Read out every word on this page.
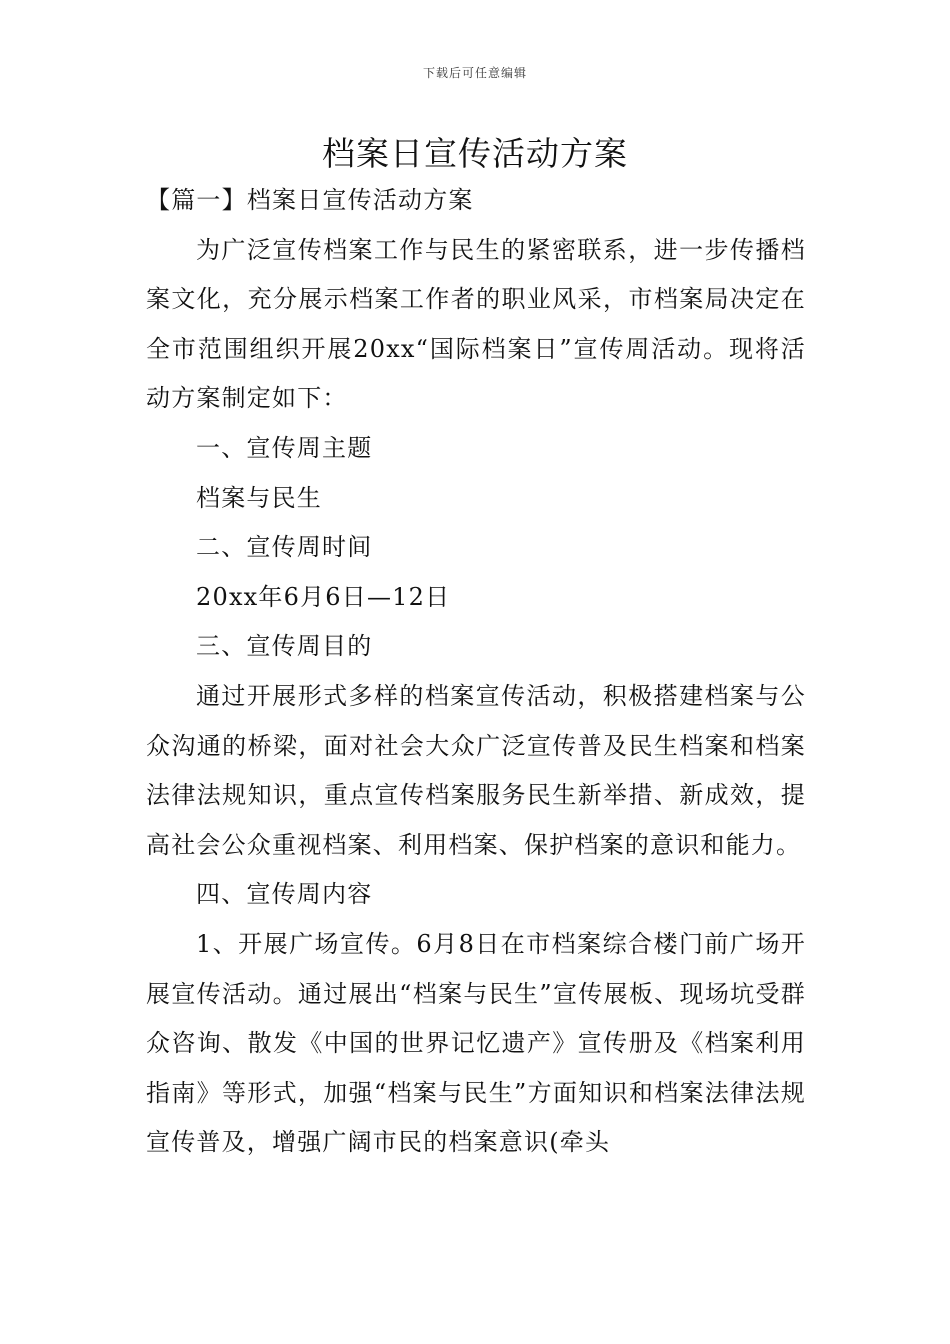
下载后可任意编辑
档案日宣传活动方案

【篇一】档案日宣传活动方案

为广泛宣传档案工作与民生的紧密联系，进一步传播档案文化，充分展示档案工作者的职业风采，市档案局决定在全市范围组织开展20xx“国际档案日”宣传周活动。现将活动方案制定如下：

一、宣传周主题

档案与民生

二、宣传周时间

20xx年6月6日—12日

三、宣传周目的

通过开展形式多样的档案宣传活动，积极搭建档案与公众沟通的桥梁，面对社会大众广泛宣传普及民生档案和档案法律法规知识，重点宣传档案服务民生新举措、新成效，提高社会公众重视档案、利用档案、保护档案的意识和能力。

四、宣传周内容

1、开展广场宣传。6月8日在市档案综合楼门前广场开展宣传活动。通过展出“档案与民生”宣传展板、现场坑受群众咨询、散发《中国的世界记忆遗产》宣传册及《档案利用指南》等形式，加强“档案与民生”方面知识和档案法律法规宣传普及，增强广阔市民的档案意识(牵头
